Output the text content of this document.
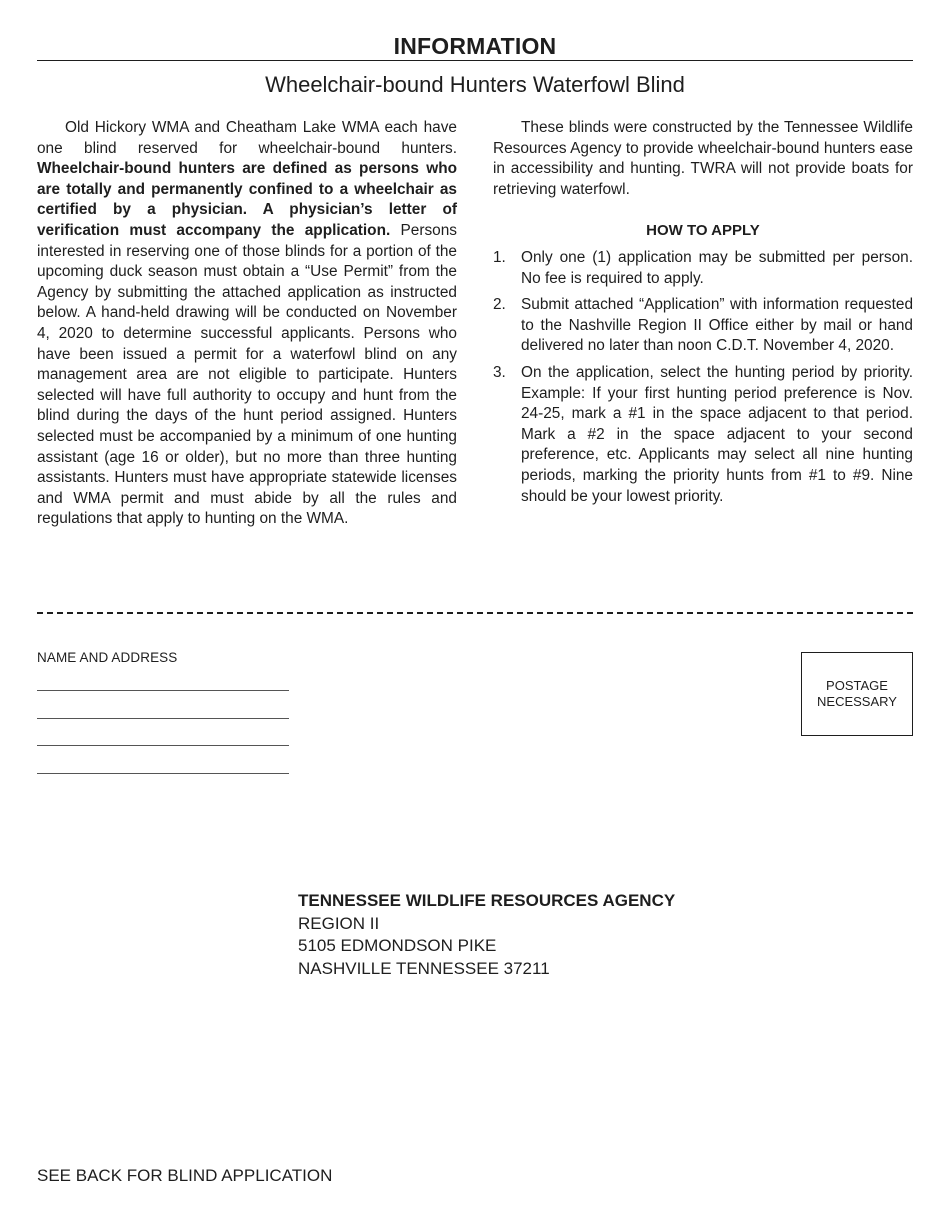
INFORMATION
Wheelchair-bound Hunters Waterfowl Blind

Old Hickory WMA and Cheatham Lake WMA each have one blind reserved for wheelchair-bound hunters. Wheelchair-bound hunters are defined as persons who are totally and permanently confined to a wheelchair as certified by a physician. A physician’s letter of verification must accompany the application. Persons interested in reserving one of those blinds for a portion of the upcoming duck season must obtain a “Use Permit” from the Agency by submitting the attached application as instructed below. A hand-held drawing will be conducted on November 4, 2020 to determine successful applicants. Persons who have been issued a permit for a waterfowl blind on any management area are not eligible to participate. Hunters selected will have full authority to occupy and hunt from the blind during the days of the hunt period assigned. Hunters selected must be accompanied by a minimum of one hunting assistant (age 16 or older), but no more than three hunting assistants. Hunters must have appropriate statewide licenses and WMA permit and must abide by all the rules and regulations that apply to hunting on the WMA.

These blinds were constructed by the Tennessee Wildlife Resources Agency to provide wheelchair-bound hunters ease in accessibility and hunting. TWRA will not provide boats for retrieving waterfowl.

HOW TO APPLY
1. Only one (1) application may be submitted per person. No fee is required to apply.
2. Submit attached “Application” with information requested to the Nashville Region II Office either by mail or hand delivered no later than noon C.D.T. November 4, 2020.
3. On the application, select the hunting period by priority. Example: If your first hunting period preference is Nov. 24-25, mark a #1 in the space adjacent to that period. Mark a #2 in the space adjacent to your second preference, etc. Applicants may select all nine hunting periods, marking the priority hunts from #1 to #9. Nine should be your lowest priority.
NAME AND ADDRESS
POSTAGE
NECESSARY
TENNESSEE WILDLIFE RESOURCES AGENCY
REGION II
5105 EDMONDSON PIKE
NASHVILLE TENNESSEE 37211
SEE BACK FOR BLIND APPLICATION
